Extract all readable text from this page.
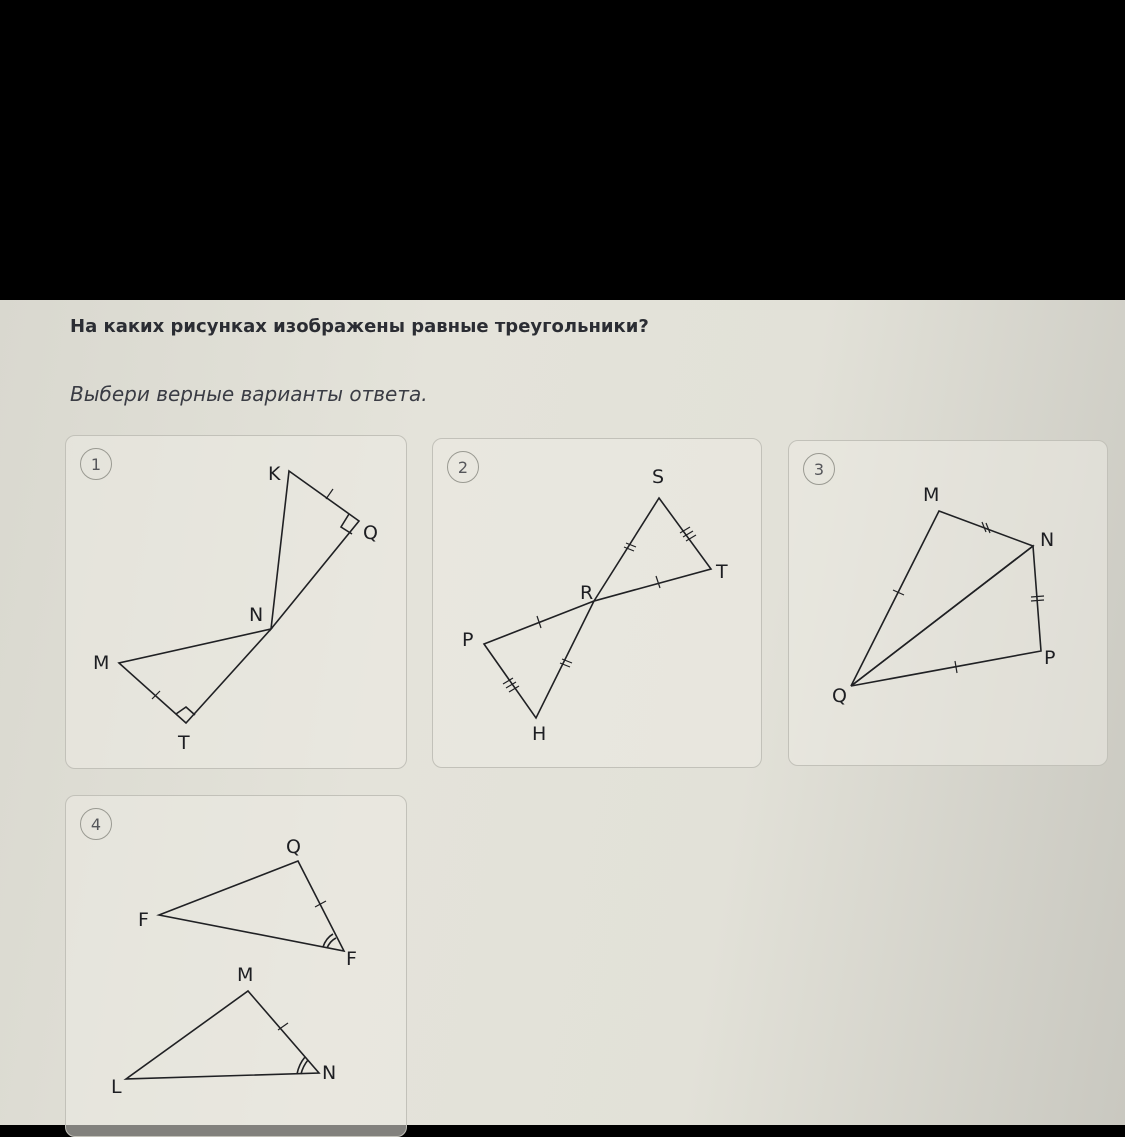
На каких рисунках изображены равные треугольники?

Выбери верные варианты ответа.

1	K
Q
N
M
T
2	S
T
R
P
H
3
M
N
P
Q
4
Q
F
F
M
L
N
